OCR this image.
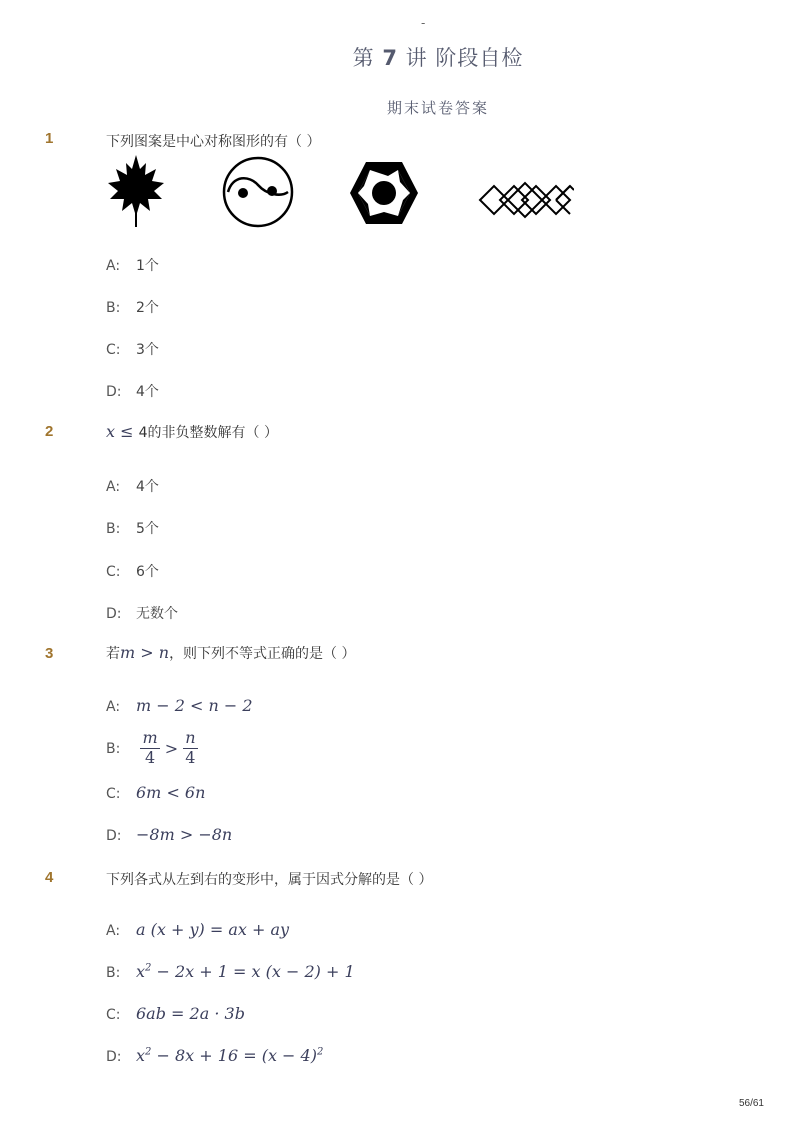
-
第 7 讲 阶段自检
期末试卷答案
1	下列图案是中心对称图形的有（ ）
A: 1个
B: 2个
C: 3个
D: 4个
2	x ≤ 4的非负整数解有（ ）
A: 4个
B: 5个
C: 6个
D: 无数个
3	若m > n，则下列不等式正确的是（ ）
A: m − 2 < n − 2
B: $\frac{m}{4} > \frac{n}{4}$
C: 6m < 6n
D: −8m > −8n
4	下列各式从左到右的变形中，属于因式分解的是（ ）
A: a (x + y) = ax + ay
B: $x^2 - 2x + 1 = x$ (x − 2) + 1
C: 6ab = 2a · 3b
D: $x^2 - 8x + 16 = (x - 4)^2$
56/61
